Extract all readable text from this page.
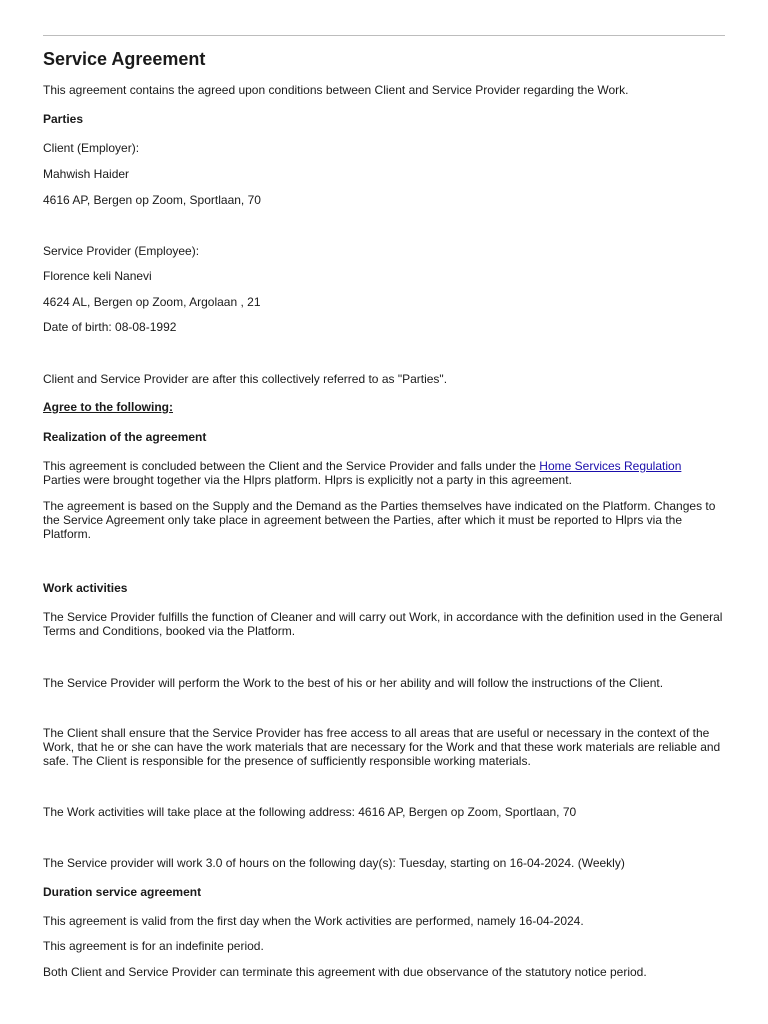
Service Agreement

This agreement contains the agreed upon conditions between Client and Service Provider regarding the Work.

Parties

Client (Employer):

Mahwish Haider

4616 AP, Bergen op Zoom, Sportlaan, 70

Service Provider (Employee):

Florence keli Nanevi

4624 AL, Bergen op Zoom, Argolaan , 21

Date of birth: 08-08-1992

Client and Service Provider are after this collectively referred to as "Parties".

Agree to the following:

Realization of the agreement

This agreement is concluded between the Client and the Service Provider and falls under the Home Services Regulation
Parties were brought together via the Hlprs platform. Hlprs is explicitly not a party in this agreement.

The agreement is based on the Supply and the Demand as the Parties themselves have indicated on the Platform. Changes to the Service Agreement only take place in agreement between the Parties, after which it must be reported to Hlprs via the Platform.

Work activities

The Service Provider fulfills the function of Cleaner and will carry out Work, in accordance with the definition used in the General Terms and Conditions, booked via the Platform.

The Service Provider will perform the Work to the best of his or her ability and will follow the instructions of the Client.

The Client shall ensure that the Service Provider has free access to all areas that are useful or necessary in the context of the Work, that he or she can have the work materials that are necessary for the Work and that these work materials are reliable and safe. The Client is responsible for the presence of sufficiently responsible working materials.

The Work activities will take place at the following address: 4616 AP, Bergen op Zoom, Sportlaan, 70

The Service provider will work 3.0 of hours on the following day(s): Tuesday, starting on 16-04-2024. (Weekly)

Duration service agreement

This agreement is valid from the first day when the Work activities are performed, namely 16-04-2024.

This agreement is for an indefinite period.

Both Client and Service Provider can terminate this agreement with due observance of the statutory notice period.
